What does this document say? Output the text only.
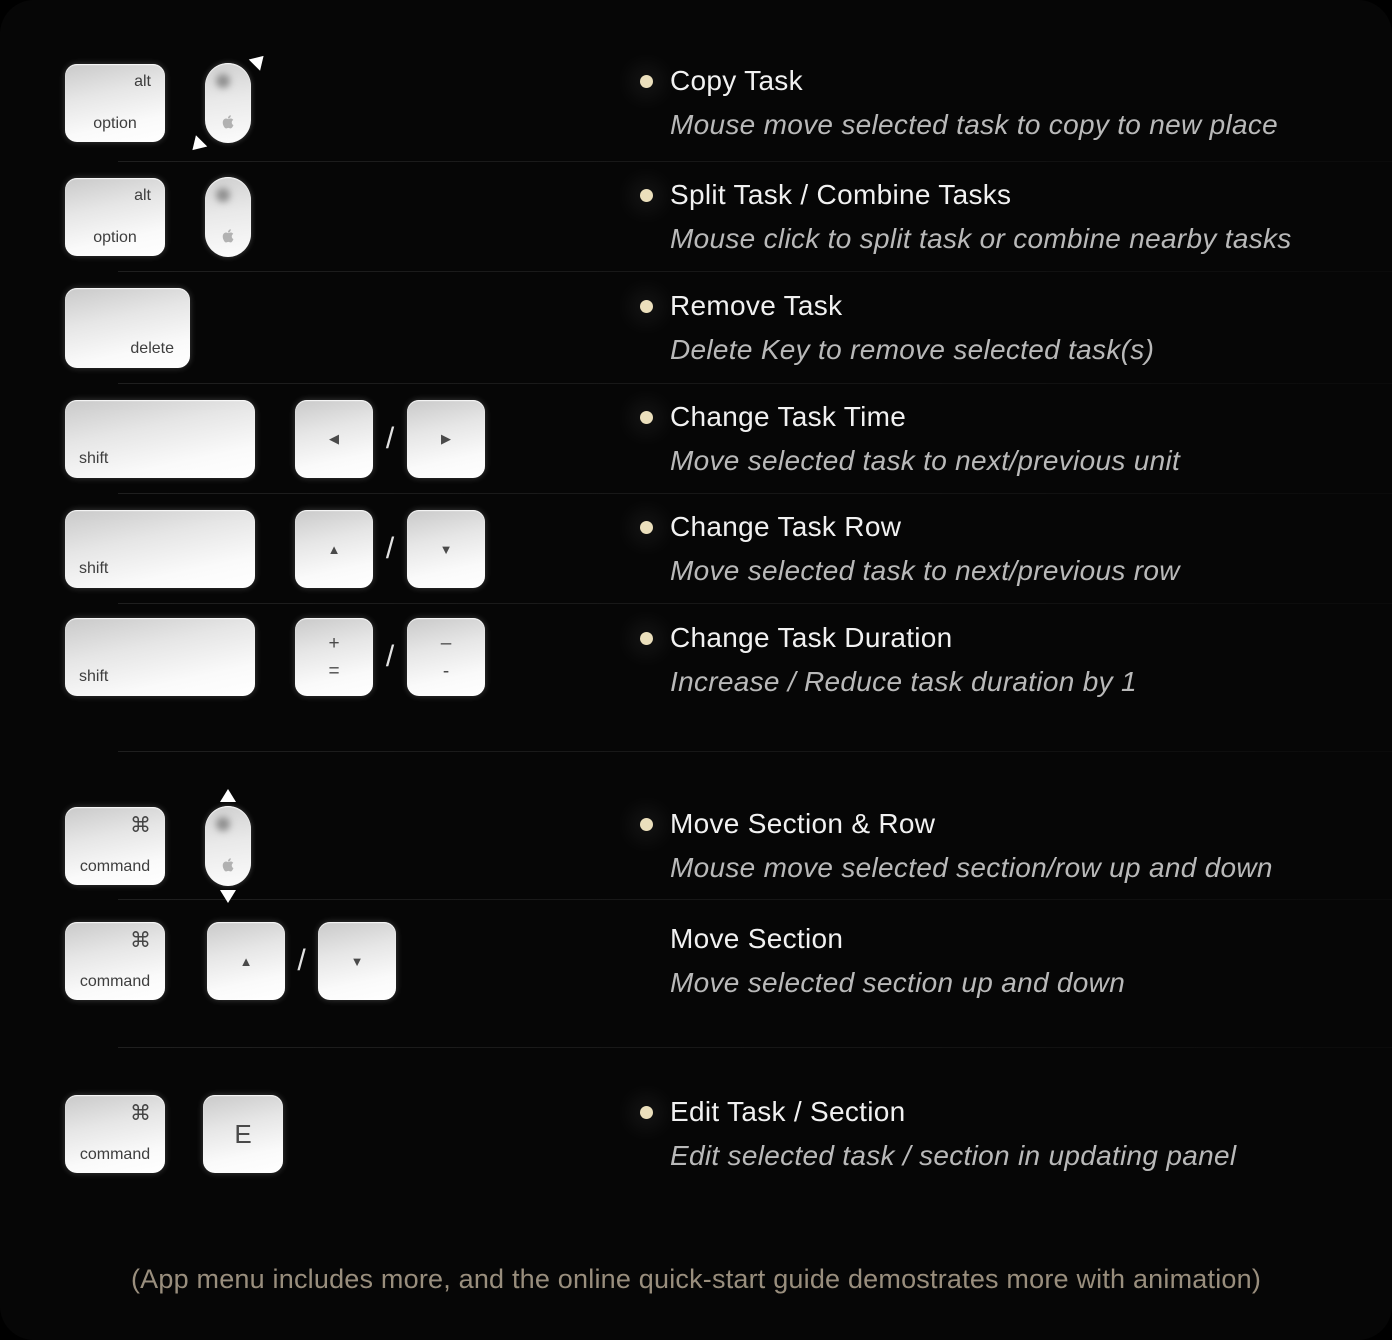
alt
option
Copy Task
Mouse move selected task to copy to new place
alt
option
Split Task / Combine Tasks
Mouse click to split task or combine nearby tasks
delete
Remove Task
Delete Key to remove selected task(s)
shift
◀	/	▶
Change Task Time
Move selected task to next/previous unit
shift
▲	/	▼
Change Task Row
Move selected task to next/previous row
shift
+
=	/	–
-
Change Task Duration
Increase / Reduce task duration by 1
⌘
command
Move Section & Row
Mouse move selected section/row up and down
⌘
command
▲	/	▼
Move Section
Move selected section up and down
⌘
command
E
Edit Task / Section
Edit selected task / section in updating panel
(App menu includes more, and the online quick-start guide demostrates more with animation)
